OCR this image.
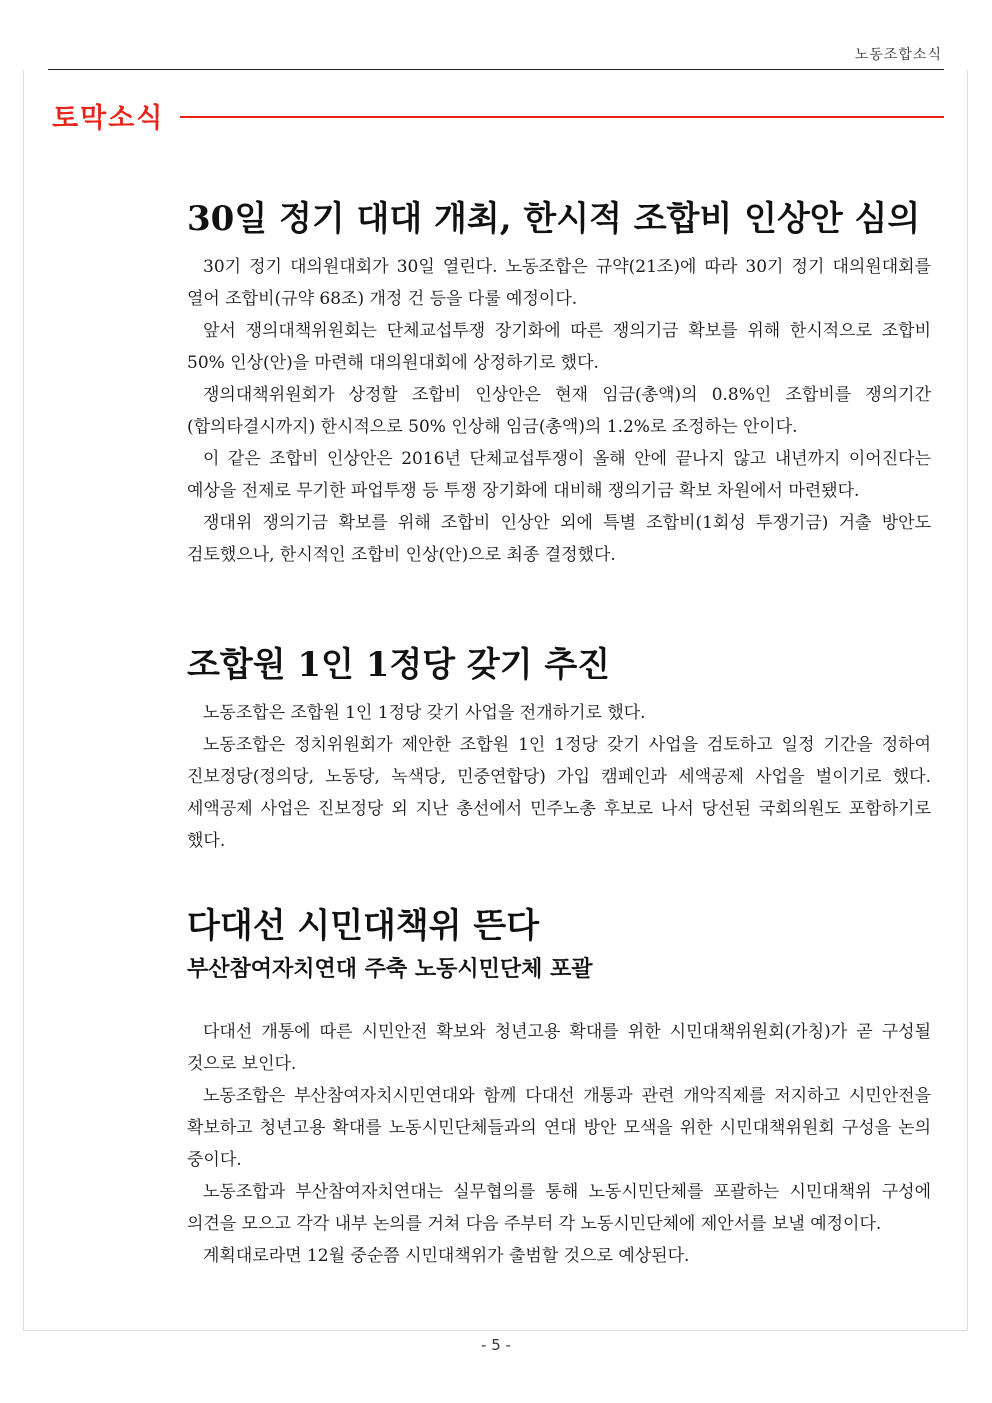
노동조합소식
토막소식
30일 정기 대대 개최, 한시적 조합비 인상안 심의

30기 정기 대의원대회가 30일 열린다. 노동조합은 규약(21조)에 따라 30기 정기 대의원대회를 열어 조합비(규약 68조) 개정 건 등을 다룰 예정이다.

앞서 쟁의대책위원회는 단체교섭투쟁 장기화에 따른 쟁의기금 확보를 위해 한시적으로 조합비 50% 인상(안)을 마련해 대의원대회에 상정하기로 했다.

쟁의대책위원회가 상정할 조합비 인상안은 현재 임금(총액)의 0.8%인 조합비를 쟁의기간(합의타결시까지) 한시적으로 50% 인상해 임금(총액)의 1.2%로 조정하는 안이다.

이 같은 조합비 인상안은 2016년 단체교섭투쟁이 올해 안에 끝나지 않고 내년까지 이어진다는 예상을 전제로 무기한 파업투쟁 등 투쟁 장기화에 대비해 쟁의기금 확보 차원에서 마련됐다.

쟁대위 쟁의기금 확보를 위해 조합비 인상안 외에 특별 조합비(1회성 투쟁기금) 거출 방안도 검토했으나, 한시적인 조합비 인상(안)으로 최종 결정했다.

조합원 1인 1정당 갖기 추진

노동조합은 조합원 1인 1정당 갖기 사업을 전개하기로 했다.

노동조합은 정치위원회가 제안한 조합원 1인 1정당 갖기 사업을 검토하고 일정 기간을 정하여 진보정당(정의당, 노동당, 녹색당, 민중연합당) 가입 캠페인과 세액공제 사업을 벌이기로 했다. 세액공제 사업은 진보정당 외 지난 총선에서 민주노총 후보로 나서 당선된 국회의원도 포함하기로 했다.

다대선 시민대책위 뜬다
부산참여자치연대 주축 노동시민단체 포괄

다대선 개통에 따른 시민안전 확보와 청년고용 확대를 위한 시민대책위원회(가칭)가 곧 구성될 것으로 보인다.

노동조합은 부산참여자치시민연대와 함께 다대선 개통과 관련 개악직제를 저지하고 시민안전을 확보하고 청년고용 확대를 노동시민단체들과의 연대 방안 모색을 위한 시민대책위원회 구성을 논의 중이다.

노동조합과 부산참여자치연대는 실무협의를 통해 노동시민단체를 포괄하는 시민대책위 구성에 의견을 모으고 각각 내부 논의를 거쳐 다음 주부터 각 노동시민단체에 제안서를 보낼 예정이다.

계획대로라면 12월 중순쯤 시민대책위가 출범할 것으로 예상된다.

- 5 -
